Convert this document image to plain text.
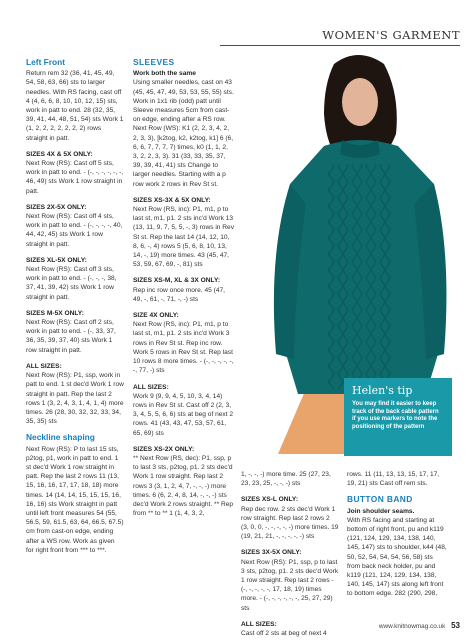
WOMEN'S GARMENT
Left Front

Return rem 32 (36, 41, 45, 49, 54, 58, 63, 66) sts to larger needles. With RS facing, cast off 4 (4, 6, 6, 8, 10, 10, 12, 15) sts, work in patt to end. 28 (32, 35, 39, 41, 44, 48, 51, 54) sts Work 1 (1, 2, 2, 2, 2, 2, 2, 2) rows straight in patt.

SIZES 4X & 5X ONLY:

Next Row (RS): Cast off 5 sts, work in patt to end. - (-, -, -, -, -, -, 46, 49) sts Work 1 row straight in patt.

SIZES 2X-5X ONLY:

Next Row (RS): Cast off 4 sts, work in patt to end. - (-, -, -, -, 40, 44, 42, 45) sts Work 1 row straight in patt.

SIZES XL-5X ONLY:

Next Row (RS): Cast off 3 sts, work in patt to end. - (-, -, -, 38, 37, 41, 39, 42) sts Work 1 row straight in patt.

SIZES M-5X ONLY:

Next Row (RS): Cast off 2 sts, work in patt to end. - (-, 33, 37, 36, 35, 39, 37, 40) sts Work 1 row straight in patt.

ALL SIZES:

Next Row (RS): P1, ssp, work in patt to end. 1 st dec'd Work 1 row straight in patt. Rep the last 2 rows 1 (3, 2, 4, 3, 1, 4, 1, 4) more times. 26 (28, 30, 32, 32, 33, 34, 35, 35) sts

Neckline shaping

Next Row (RS): P to last 15 sts, p2tog, p1, work in patt to end. 1 st dec'd Work 1 row straight in patt. Rep the last 2 rows 11 (13, 15, 16, 16, 17, 17, 18, 18) more times. 14 (14, 14, 15, 15, 15, 16, 16, 16) sts Work straight in patt until left front measures 54 (55, 56.5, 59, 61.5, 63, 64, 66.5, 67.5) cm from cast-on edge, ending after a WS row. Work as given for right front from *** to ***.

SLEEVES
Work both the same

Using smaller needles, cast on 43 (45, 45, 47, 49, 53, 53, 55, 55) sts. Work in 1x1 rib (odd) patt until Sleeve measures 5cm from cast-on edge, ending after a RS row.

Next Row (WS): K1 (2, 2, 3, 4, 2, 2, 3, 3), [k2tog, k2, k2tog, k1] 6 (6, 6, 6, 7, 7, 7, 7) times, k0 (1, 1, 2, 3, 2, 2, 3, 3). 31 (33, 33, 35, 37, 39, 39, 41, 41) sts Change to larger needles. Starting with a p row work 2 rows in Rev St st.

SIZES XS-3X & 5X ONLY:

Next Row (RS, inc): P1, m1, p to last st, m1, p1. 2 sts inc'd Work 13 (13, 11, 9, 7, 5, 5, -, 3) rows in Rev St st. Rep the last 14 (14, 12, 10, 8, 6, -, 4) rows 5 (5, 6, 8, 10, 13, 14, -, 19) more times. 43 (45, 47, 53, 59, 67, 69, -, 81) sts

SIZES XS-M, XL & 3X ONLY:

Rep inc row once more. 45 (47, 49, -, 61, -, 71, -, -) sts

SIZE 4X ONLY:

Next Row (RS, inc): P1, m1, p to last st, m1, p1. 2 sts inc'd Work 3 rows in Rev St st. Rep inc row. Work 5 rows in Rev St st. Rep last 10 rows 8 more times. - (-, -, -, -, -, -, 77, -) sts

ALL SIZES:

Work 9 (9, 9, 4, 5, 10, 3, 4, 14) rows in Rev St st. Cast off 2 (2, 3, 3, 4, 5, 5, 6, 6) sts at beg of next 2 rows. 41 (43, 43, 47, 53, 57, 61, 65, 69) sts

SIZES XS-2X ONLY:

** Next Row (RS, dec): P1, ssp, p to last 3 sts, p2tog, p1. 2 sts dec'd Work 1 row straight. Rep last 2 rows 3 (3, 1, 2, 4, 7, -, -, -) more times. 6 (6, 2, 4, 8, 14, -, -, -) sts dec'd Work 2 rows straight. ** Rep from ** to ** 1 (1, 4, 3, 2,

Helen's tip
You may find it easier to keep track of the back cable pattern if you use markers to note the positioning of the pattern

1, -, -, -) more time. 25 (27, 23, 23, 23, 25, -, -, -) sts

SIZES XS-L ONLY:

Rep dec row. 2 sts dec'd Work 1 row straight. Rep last 2 rows 2 (3, 0, 0, -, -, -, -, -) more times. 19 (19, 21, 21, -, -, -, -, -) sts

SIZES 3X-5X ONLY:

Next Row (RS): P1, ssp, p to last 3 sts, p2tog, p1. 2 sts dec'd Work 1 row straight. Rep last 2 rows - (-, -, -, -, -, 17, 18, 19) times more. - (-, -, -, -, -, -, 25, 27, 29) sts

ALL SIZES:

Cast off 2 sts at beg of next 4

rows. 11 (11, 13, 13, 15, 17, 17, 19, 21) sts Cast off rem sts.

BUTTON BAND
Join shoulder seams.

With RS facing and starting at bottom of right front, pu and k119 (121, 124, 129, 134, 138, 140, 145, 147) sts to shoulder, k44 (48, 50, 52, 54, 54, 54, 56, 58) sts from back neck holder, pu and k119 (121, 124, 129, 134, 138, 140, 145, 147) sts along left front to bottom edge. 282 (290, 298,

www.knitnowmag.co.uk 53
